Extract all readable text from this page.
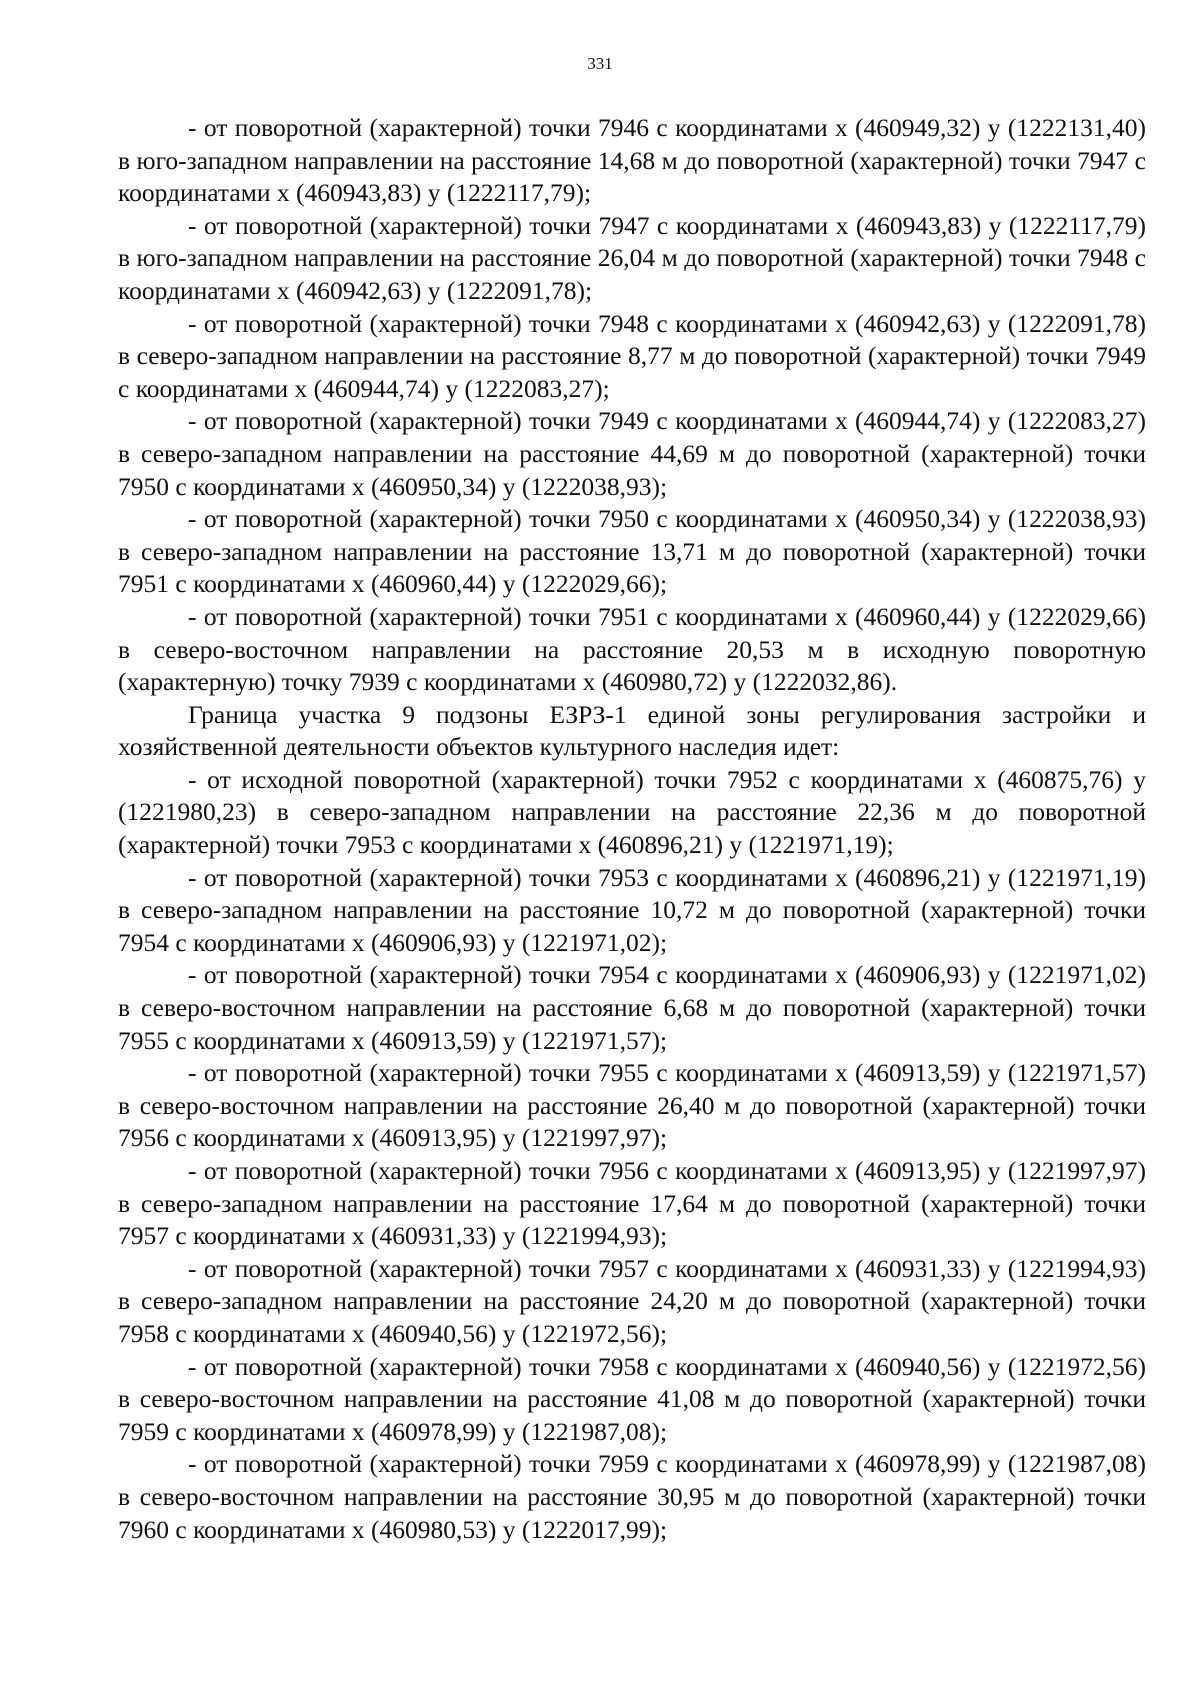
331

- от поворотной (характерной) точки 7946 с координатами x (460949,32) y (1222131,40) в юго-западном направлении на расстояние 14,68 м до поворотной (характерной) точки 7947 с координатами x (460943,83) y (1222117,79);

- от поворотной (характерной) точки 7947 с координатами x (460943,83) y (1222117,79) в юго-западном направлении на расстояние 26,04 м до поворотной (характерной) точки 7948 с координатами x (460942,63) y (1222091,78);

- от поворотной (характерной) точки 7948 с координатами x (460942,63) y (1222091,78) в северо-западном направлении на расстояние 8,77 м до поворотной (характерной) точки 7949 с координатами x (460944,74) y (1222083,27);

- от поворотной (характерной) точки 7949 с координатами x (460944,74) y (1222083,27) в северо-западном направлении на расстояние 44,69 м до поворотной (характерной) точки 7950 с координатами x (460950,34) y (1222038,93);

- от поворотной (характерной) точки 7950 с координатами x (460950,34) y (1222038,93) в северо-западном направлении на расстояние 13,71 м до поворотной (характерной) точки 7951 с координатами x (460960,44) y (1222029,66);

- от поворотной (характерной) точки 7951 с координатами x (460960,44) y (1222029,66) в северо-восточном направлении на расстояние 20,53 м в исходную поворотную (характерную) точку 7939 с координатами x (460980,72) y (1222032,86).

Граница участка 9 подзоны ЕЗРЗ-1 единой зоны регулирования застройки и хозяйственной деятельности объектов культурного наследия идет:

- от исходной поворотной (характерной) точки 7952 с координатами x (460875,76) y (1221980,23) в северо-западном направлении на расстояние 22,36 м до поворотной (характерной) точки 7953 с координатами x (460896,21) y (1221971,19);

- от поворотной (характерной) точки 7953 с координатами x (460896,21) y (1221971,19) в северо-западном направлении на расстояние 10,72 м до поворотной (характерной) точки 7954 с координатами x (460906,93) y (1221971,02);

- от поворотной (характерной) точки 7954 с координатами x (460906,93) y (1221971,02) в северо-восточном направлении на расстояние 6,68 м до поворотной (характерной) точки 7955 с координатами x (460913,59) y (1221971,57);

- от поворотной (характерной) точки 7955 с координатами x (460913,59) y (1221971,57) в северо-восточном направлении на расстояние 26,40 м до поворотной (характерной) точки 7956 с координатами x (460913,95) y (1221997,97);

- от поворотной (характерной) точки 7956 с координатами x (460913,95) y (1221997,97) в северо-западном направлении на расстояние 17,64 м до поворотной (характерной) точки 7957 с координатами x (460931,33) y (1221994,93);

- от поворотной (характерной) точки 7957 с координатами x (460931,33) y (1221994,93) в северо-западном направлении на расстояние 24,20 м до поворотной (характерной) точки 7958 с координатами x (460940,56) y (1221972,56);

- от поворотной (характерной) точки 7958 с координатами x (460940,56) y (1221972,56) в северо-восточном направлении на расстояние 41,08 м до поворотной (характерной) точки 7959 с координатами x (460978,99) y (1221987,08);

- от поворотной (характерной) точки 7959 с координатами x (460978,99) y (1221987,08) в северо-восточном направлении на расстояние 30,95 м до поворотной (характерной) точки 7960 с координатами x (460980,53) y (1222017,99);
